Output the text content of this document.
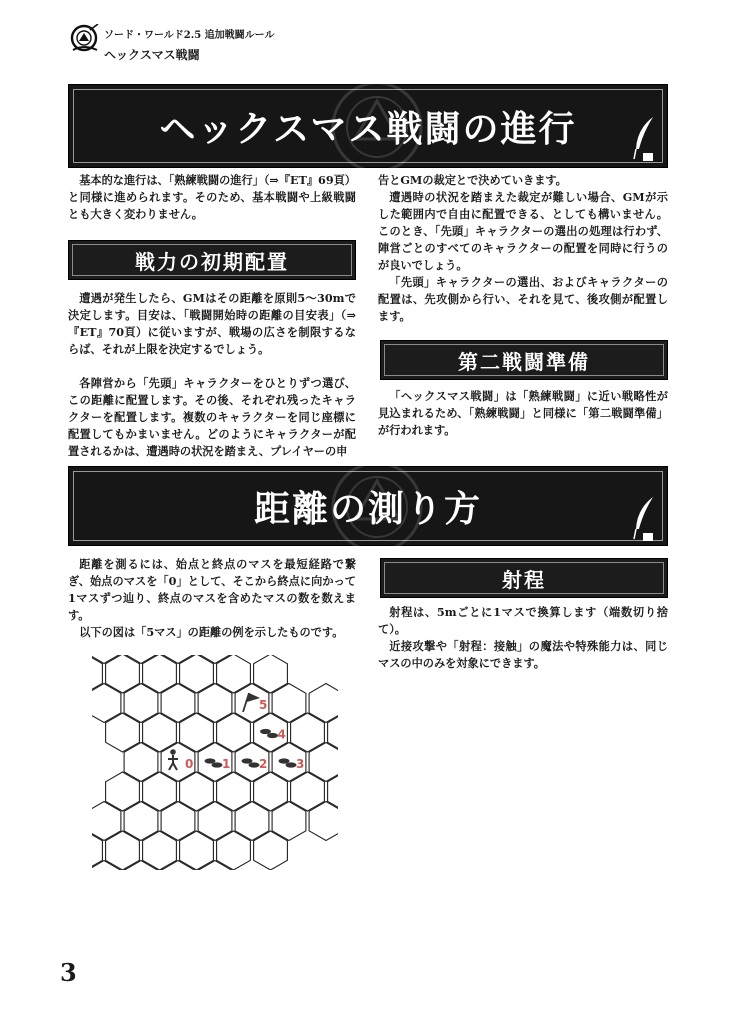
ソード・ワールド2.5 追加戦闘ルール
ヘックスマス戦闘
ヘックスマス戦闘の進行

基本的な進行は、「熟練戦闘の進行」（⇒『ET』69頁）と同様に進められます。そのため、基本戦闘や上級戦闘とも大きく変わりません。

戦力の初期配置

遭遇が発生したら、GMはその距離を原則5〜30mで決定します。目安は、「戦闘開始時の距離の目安表」（⇒『ET』70頁）に従いますが、戦場の広さを制限するならば、それが上限を決定するでしょう。

各陣営から「先頭」キャラクターをひとりずつ選び、この距離に配置します。その後、それぞれ残ったキャラクターを配置します。複数のキャラクターを同じ座標に配置してもかまいません。どのようにキャラクターが配置されるかは、遭遇時の状況を踏まえ、プレイヤーの申

告とGMの裁定とで決めていきます。

遭遇時の状況を踏まえた裁定が難しい場合、GMが示した範囲内で自由に配置できる、としても構いません。このとき、「先頭」キャラクターの選出の処理は行わず、陣営ごとのすべてのキャラクターの配置を同時に行うのが良いでしょう。

「先頭」キャラクターの選出、およびキャラクターの配置は、先攻側から行い、それを見て、後攻側が配置します。

第二戦闘準備

「ヘックスマス戦闘」は「熟練戦闘」に近い戦略性が見込まれるため、「熟練戦闘」と同様に「第二戦闘準備」が行われます。

距離の測り方

距離を測るには、始点と終点のマスを最短経路で繋ぎ、始点のマスを「0」として、そこから終点に向かって1マスずつ辿り、終点のマスを含めたマスの数を数えます。

以下の図は「5マス」の距離の例を示したものです。

0 1 2 3
4
5
射程

射程は、5mごとに1マスで換算します（端数切り捨て）。

近接攻撃や「射程：接触」の魔法や特殊能力は、同じマスの中のみを対象にできます。

3
